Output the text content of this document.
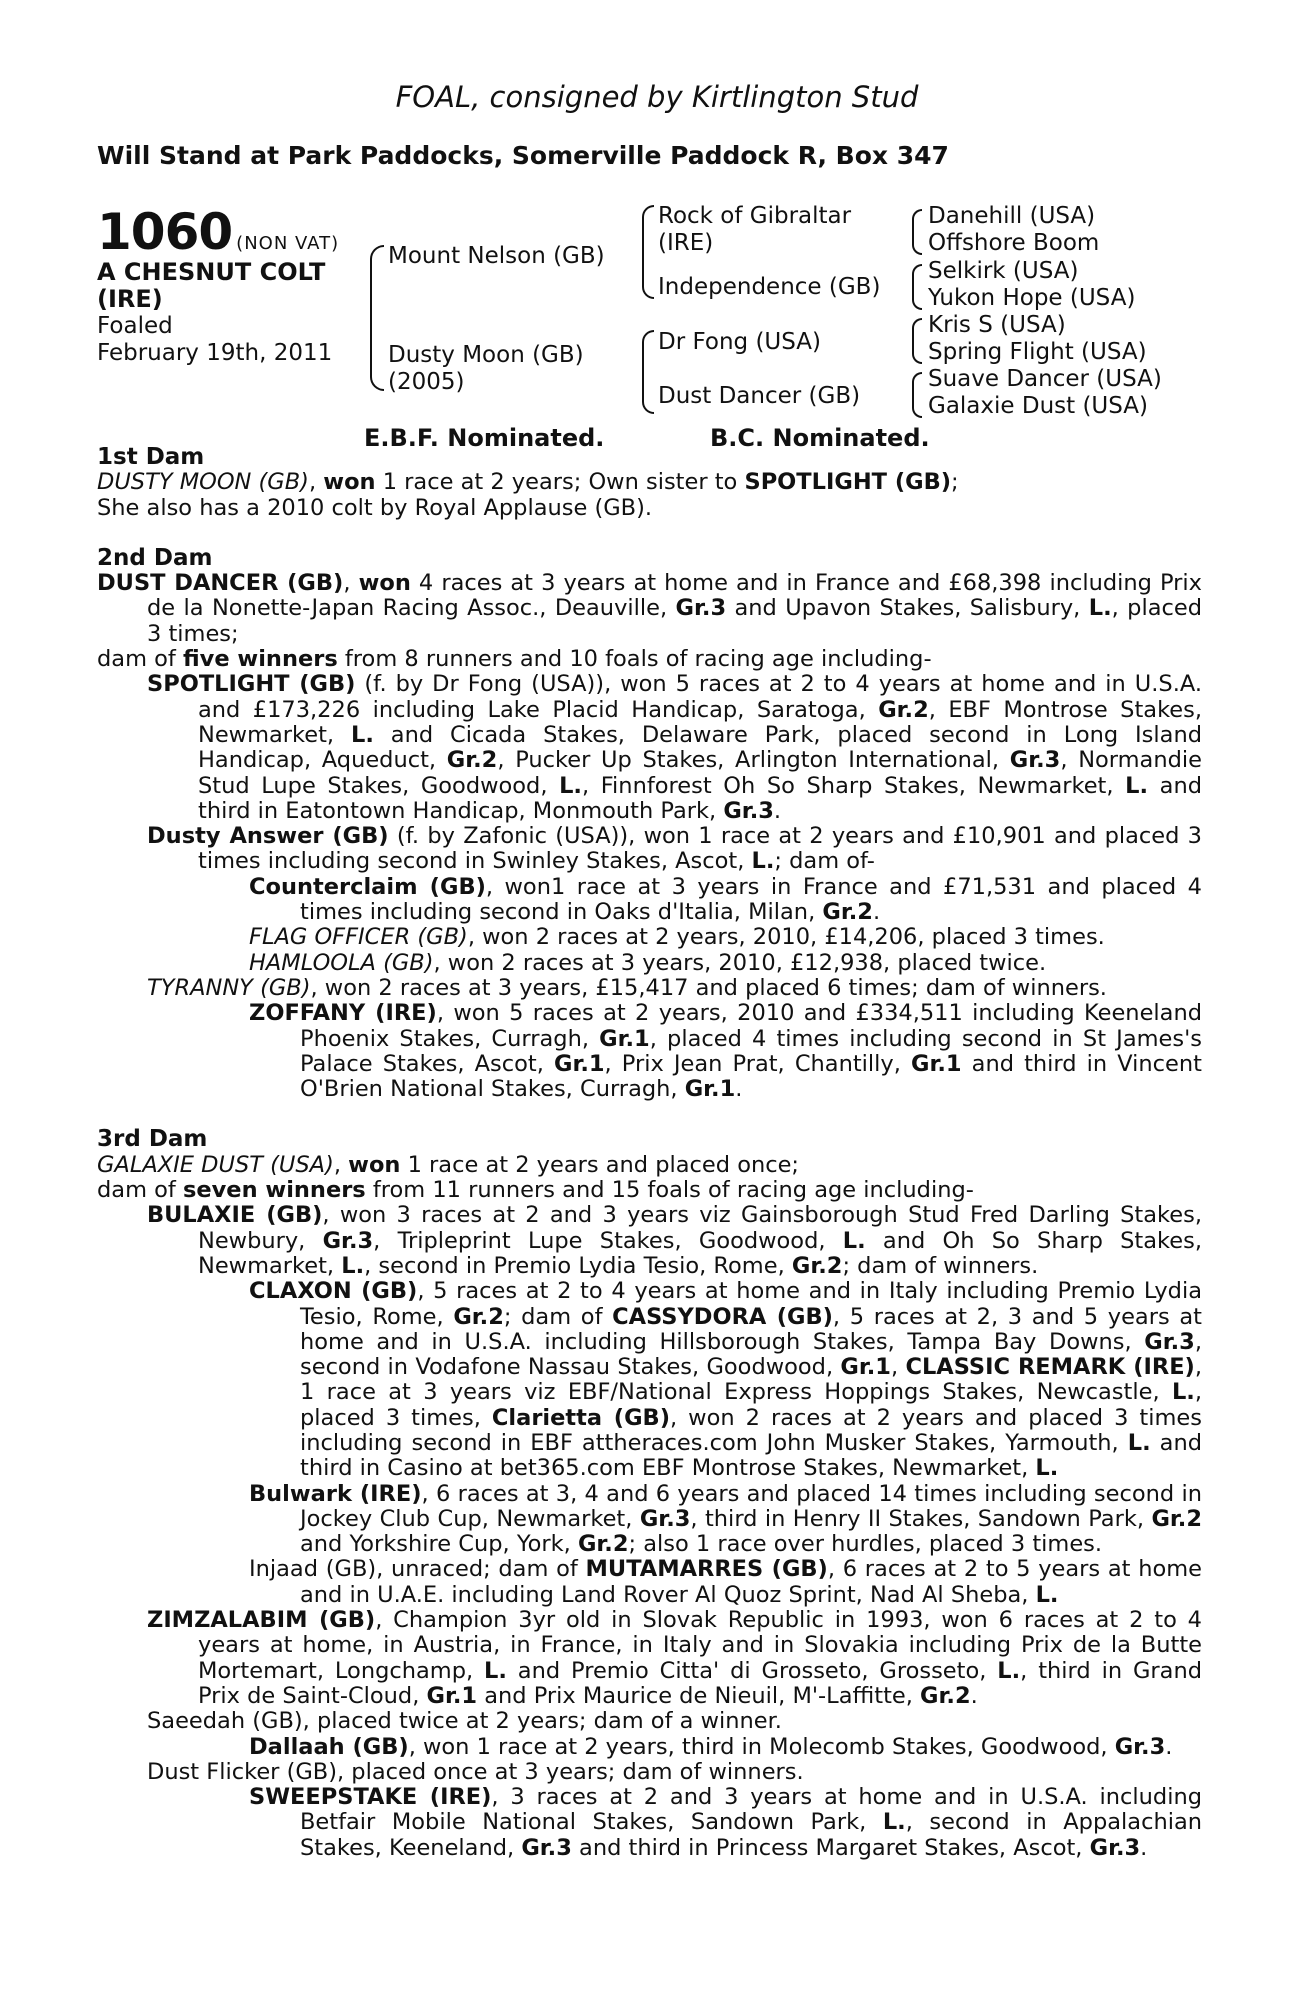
FOAL, consigned by Kirtlington Stud
Will Stand at Park Paddocks, Somerville Paddock R, Box 347
1060 (NON VAT)
A CHESNUT COLT
(IRE)
Foaled
February 19th, 2011
Mount Nelson (GB)
Dusty Moon (GB)
(2005)
Rock of Gibraltar
(IRE)
Independence (GB)
Dr Fong (USA)
Dust Dancer (GB)
Danehill (USA)
Offshore Boom
Selkirk (USA)
Yukon Hope (USA)
Kris S (USA)
Spring Flight (USA)
Suave Dancer (USA)
Galaxie Dust (USA)
E.B.F. Nominated.	B.C. Nominated.

1st Dam

DUSTY MOON (GB), won 1 race at 2 years; Own sister to SPOTLIGHT (GB);

She also has a 2010 colt by Royal Applause (GB).

2nd Dam

DUST DANCER (GB), won 4 races at 3 years at home and in France and £68,398 including Prix de la Nonette-Japan Racing Assoc., Deauville, Gr.3 and Upavon Stakes, Salisbury, L., placed 3 times;

dam of five winners from 8 runners and 10 foals of racing age including-

SPOTLIGHT (GB) (f. by Dr Fong (USA)), won 5 races at 2 to 4 years at home and in U.S.A. and £173,226 including Lake Placid Handicap, Saratoga, Gr.2, EBF Montrose Stakes, Newmarket, L. and Cicada Stakes, Delaware Park, placed second in Long Island Handicap, Aqueduct, Gr.2, Pucker Up Stakes, Arlington International, Gr.3, Normandie Stud Lupe Stakes, Goodwood, L., Finnforest Oh So Sharp Stakes, Newmarket, L. and third in Eatontown Handicap, Monmouth Park, Gr.3.

Dusty Answer (GB) (f. by Zafonic (USA)), won 1 race at 2 years and £10,901 and placed 3 times including second in Swinley Stakes, Ascot, L.; dam of-

Counterclaim (GB), won1 race at 3 years in France and £71,531 and placed 4 times including second in Oaks d'Italia, Milan, Gr.2.

FLAG OFFICER (GB), won 2 races at 2 years, 2010, £14,206, placed 3 times.

HAMLOOLA (GB), won 2 races at 3 years, 2010, £12,938, placed twice.

TYRANNY (GB), won 2 races at 3 years, £15,417 and placed 6 times; dam of winners.

ZOFFANY (IRE), won 5 races at 2 years, 2010 and £334,511 including Keeneland Phoenix Stakes, Curragh, Gr.1, placed 4 times including second in St James's Palace Stakes, Ascot, Gr.1, Prix Jean Prat, Chantilly, Gr.1 and third in Vincent O'Brien National Stakes, Curragh, Gr.1.

3rd Dam

GALAXIE DUST (USA), won 1 race at 2 years and placed once;

dam of seven winners from 11 runners and 15 foals of racing age including-

BULAXIE (GB), won 3 races at 2 and 3 years viz Gainsborough Stud Fred Darling Stakes, Newbury, Gr.3, Tripleprint Lupe Stakes, Goodwood, L. and Oh So Sharp Stakes, Newmarket, L., second in Premio Lydia Tesio, Rome, Gr.2; dam of winners.

CLAXON (GB), 5 races at 2 to 4 years at home and in Italy including Premio Lydia Tesio, Rome, Gr.2; dam of CASSYDORA (GB), 5 races at 2, 3 and 5 years at home and in U.S.A. including Hillsborough Stakes, Tampa Bay Downs, Gr.3, second in Vodafone Nassau Stakes, Goodwood, Gr.1, CLASSIC REMARK (IRE), 1 race at 3 years viz EBF/National Express Hoppings Stakes, Newcastle, L., placed 3 times, Clarietta (GB), won 2 races at 2 years and placed 3 times including second in EBF attheraces.com John Musker Stakes, Yarmouth, L. and third in Casino at bet365.com EBF Montrose Stakes, Newmarket, L.

Bulwark (IRE), 6 races at 3, 4 and 6 years and placed 14 times including second in Jockey Club Cup, Newmarket, Gr.3, third in Henry II Stakes, Sandown Park, Gr.2 and Yorkshire Cup, York, Gr.2; also 1 race over hurdles, placed 3 times.

Injaad (GB), unraced; dam of MUTAMARRES (GB), 6 races at 2 to 5 years at home and in U.A.E. including Land Rover Al Quoz Sprint, Nad Al Sheba, L.

ZIMZALABIM (GB), Champion 3yr old in Slovak Republic in 1993, won 6 races at 2 to 4 years at home, in Austria, in France, in Italy and in Slovakia including Prix de la Butte Mortemart, Longchamp, L. and Premio Citta' di Grosseto, Grosseto, L., third in Grand Prix de Saint-Cloud, Gr.1 and Prix Maurice de Nieuil, M'-Laffitte, Gr.2.

Saeedah (GB), placed twice at 2 years; dam of a winner.

Dallaah (GB), won 1 race at 2 years, third in Molecomb Stakes, Goodwood, Gr.3.

Dust Flicker (GB), placed once at 3 years; dam of winners.

SWEEPSTAKE (IRE), 3 races at 2 and 3 years at home and in U.S.A. including Betfair Mobile National Stakes, Sandown Park, L., second in Appalachian Stakes, Keeneland, Gr.3 and third in Princess Margaret Stakes, Ascot, Gr.3.
